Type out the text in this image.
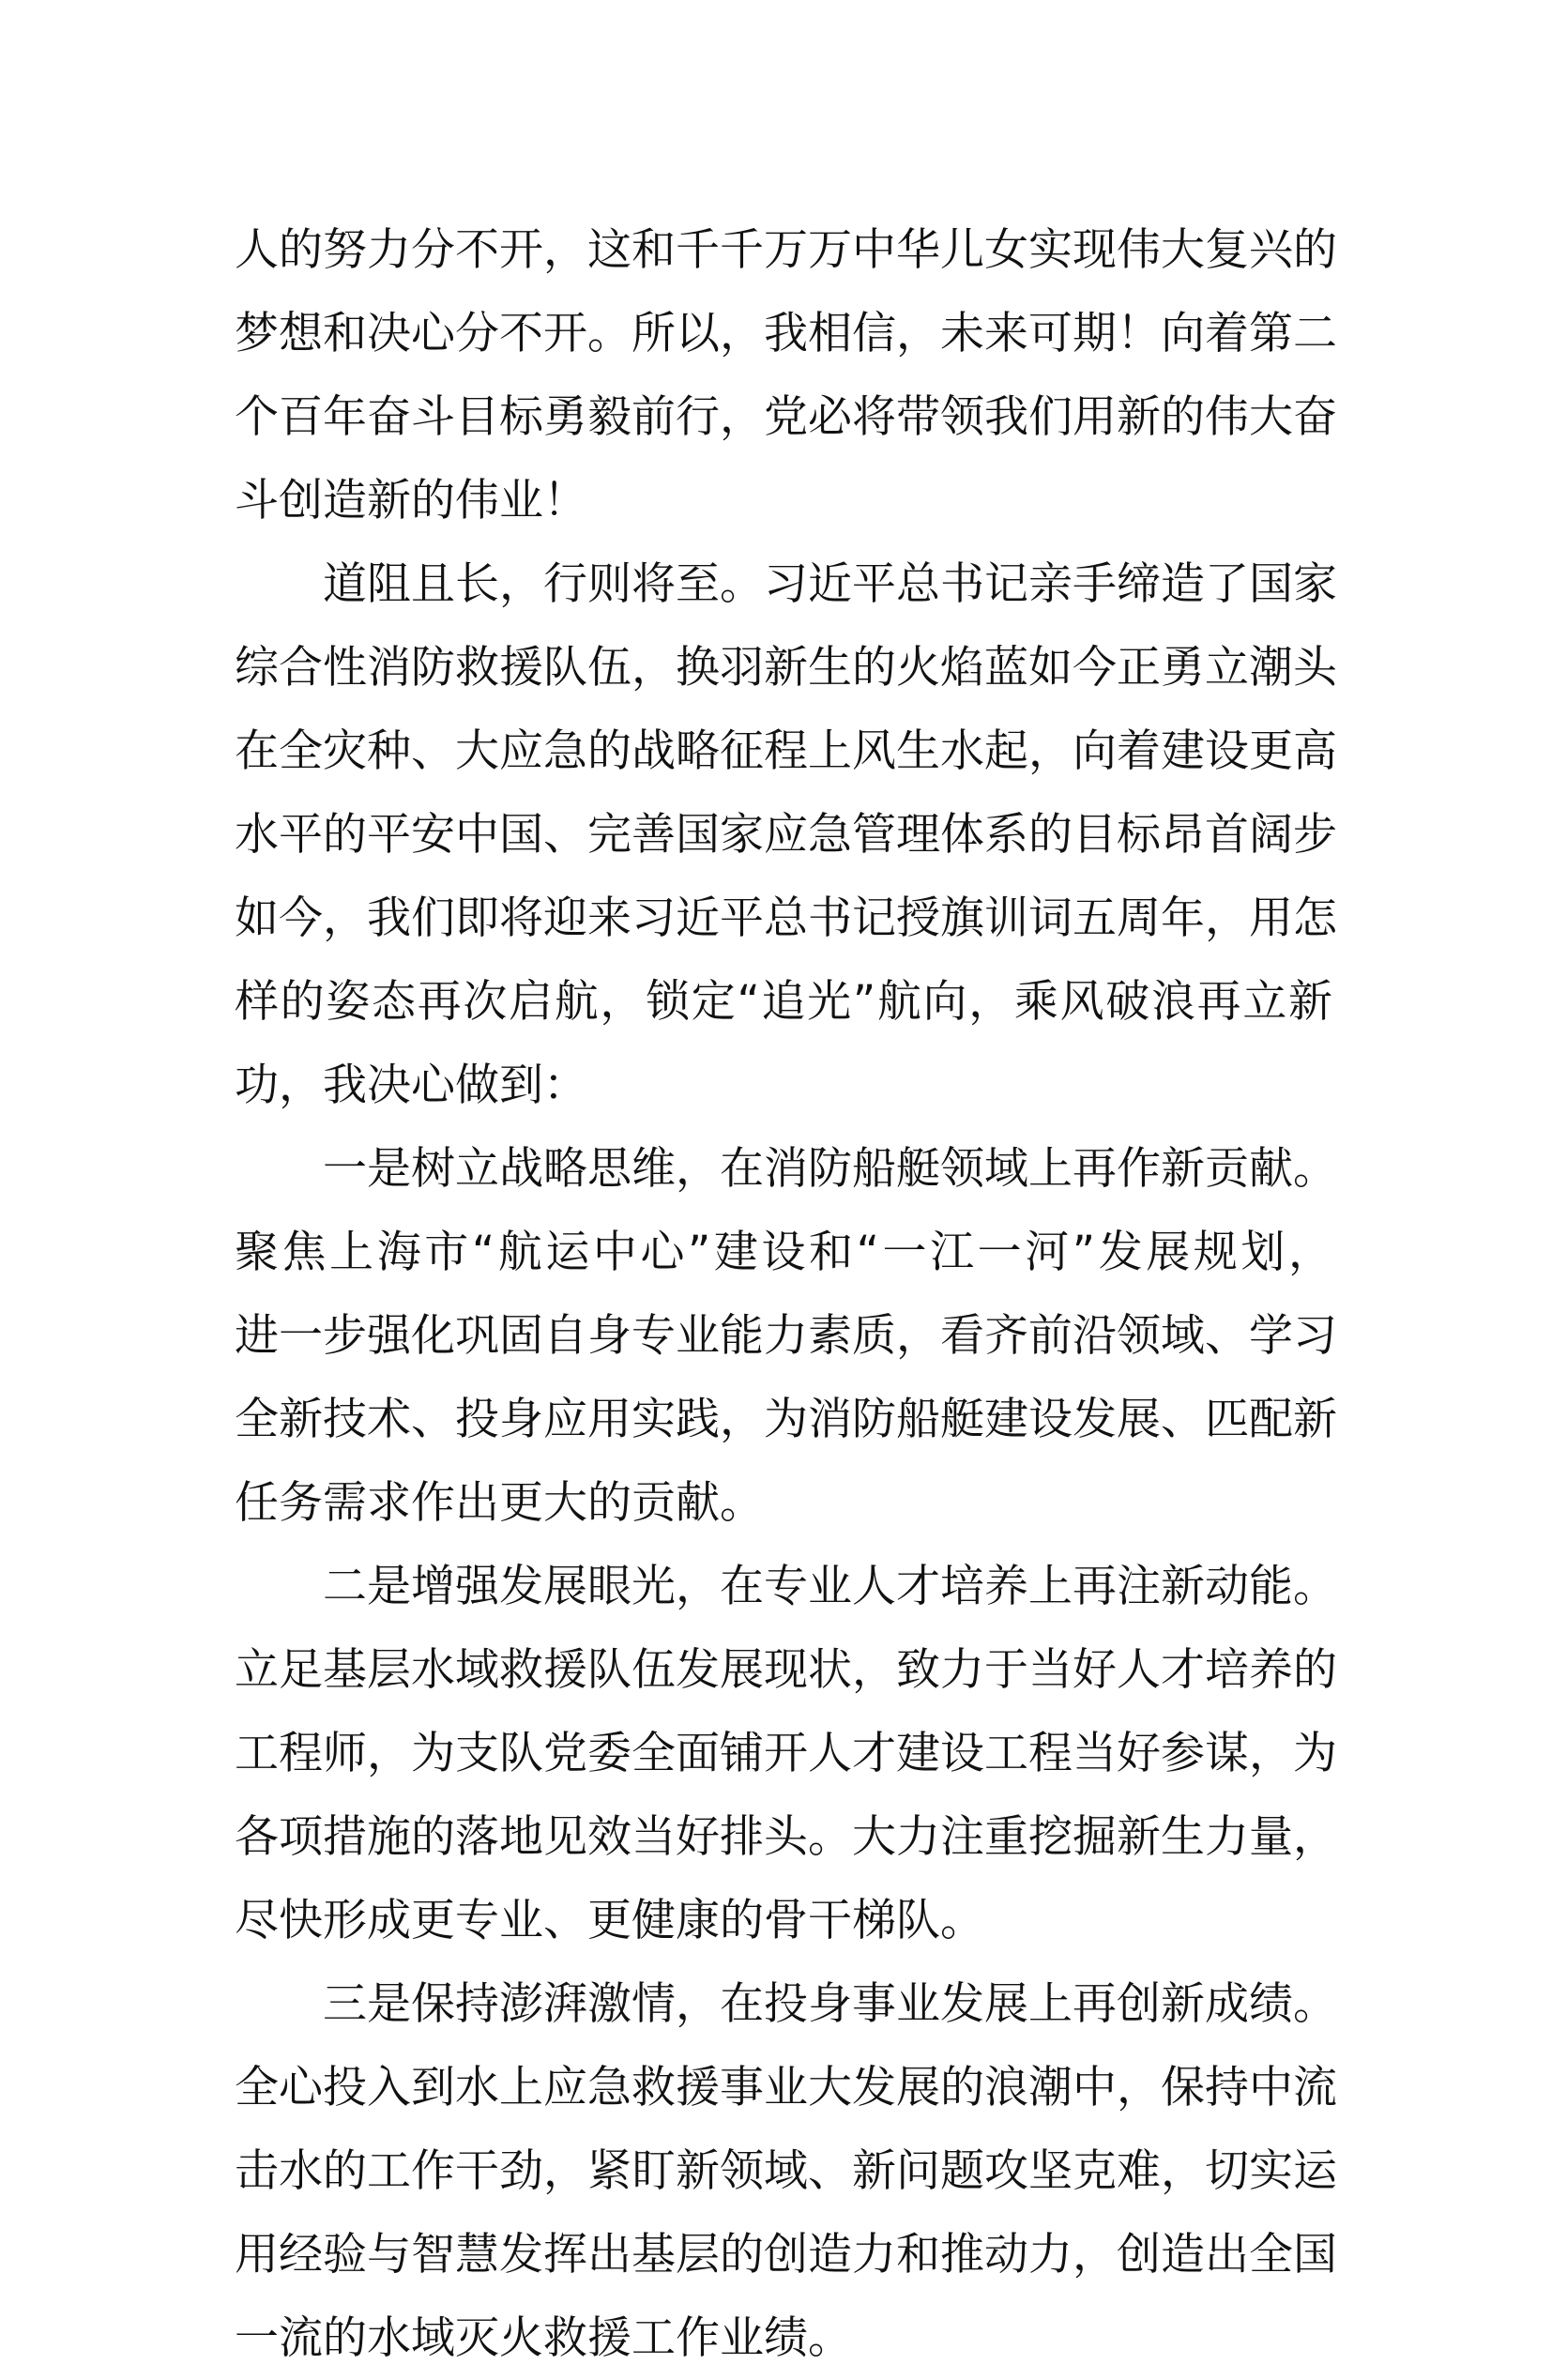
人的努力分不开，这和千千万万中华儿女实现伟大复兴的
梦想和决心分不开。所以，我相信，未来可期！向着第二
个百年奋斗目标勇毅前行，党必将带领我们用新的伟大奋
斗创造新的伟业！
道阻且长，行则将至。习近平总书记亲手缔造了国家
综合性消防救援队伍，换羽新生的火焰蓝如今正勇立潮头
在全灾种、大应急的战略征程上风生水起，向着建设更高
水平的平安中国、完善国家应急管理体系的目标昂首阔步
如今，我们即将迎来习近平总书记授旗训词五周年，用怎
样的姿态再次启航，锁定“追光”航向，乘风破浪再立新
功，我决心做到：
一是树立战略思维，在消防船艇领域上再作新贡献。
聚焦上海市“航运中心”建设和“一江一河”发展规划，
进一步强化巩固自身专业能力素质，看齐前沿领域、学习
全新技术、投身应用实践，为消防船艇建设发展、匹配新
任务需求作出更大的贡献。
二是增强发展眼光，在专业人才培养上再注新动能。
立足基层水域救援队伍发展现状，致力于当好人才培养的
工程师，为支队党委全面铺开人才建设工程当好参谋，为
各项措施的落地见效当好排头。大力注重挖掘新生力量，
尽快形成更专业、更健康的骨干梯队。
三是保持澎湃激情，在投身事业发展上再创新成绩。
全心投入到水上应急救援事业大发展的浪潮中，保持中流
击水的工作干劲，紧盯新领域、新问题攻坚克难，切实运
用经验与智慧发挥出基层的创造力和推动力，创造出全国
一流的水域灭火救援工作业绩。
